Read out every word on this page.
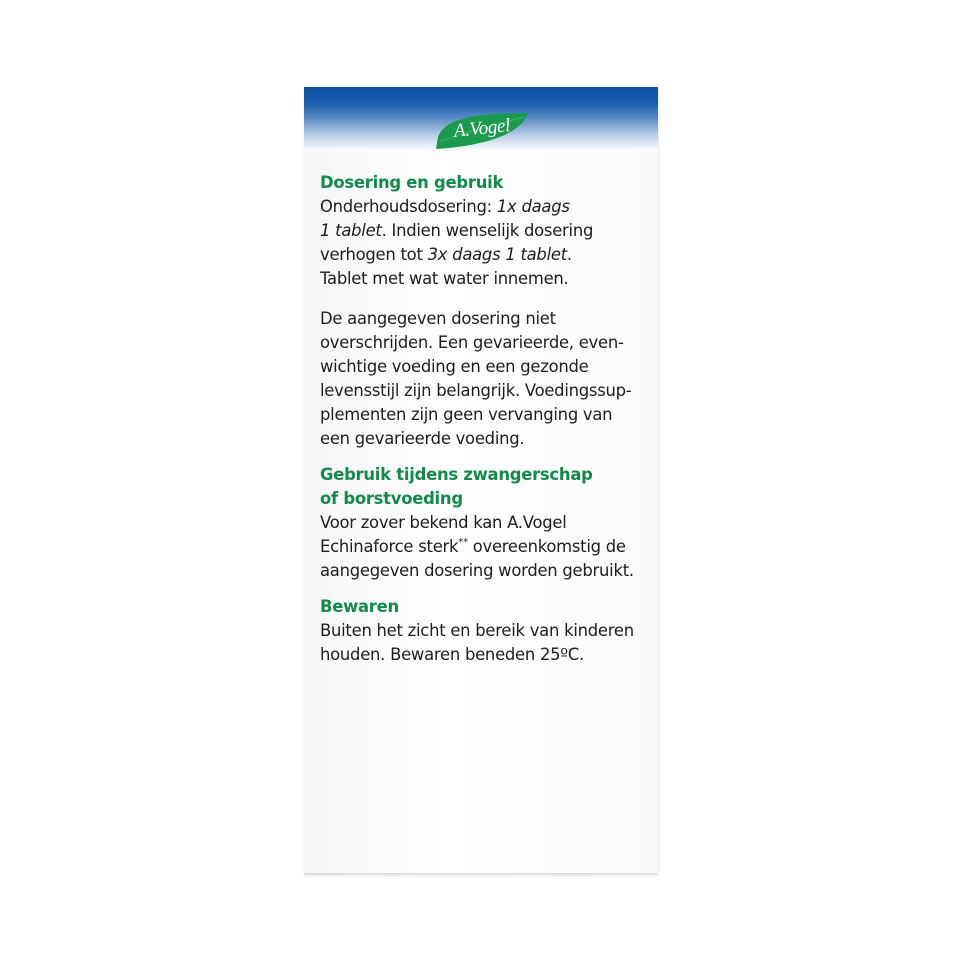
A.Vogel
Dosering en gebruik
Onderhoudsdosering: 1x daags
1 tablet. Indien wenselijk dosering
verhogen tot 3x daags 1 tablet.
Tablet met wat water innemen.
De aangegeven dosering niet
overschrijden. Een gevarieerde, even-
wichtige voeding en een gezonde
levensstijl zijn belangrijk. Voedingssup-
plementen zijn geen vervanging van
een gevarieerde voeding.
Gebruik tijdens zwangerschap
of borstvoeding
Voor zover bekend kan A.Vogel
Echinaforce sterk** overeenkomstig de
aangegeven dosering worden gebruikt.
Bewaren
Buiten het zicht en bereik van kinderen
houden. Bewaren beneden 25ºC.
